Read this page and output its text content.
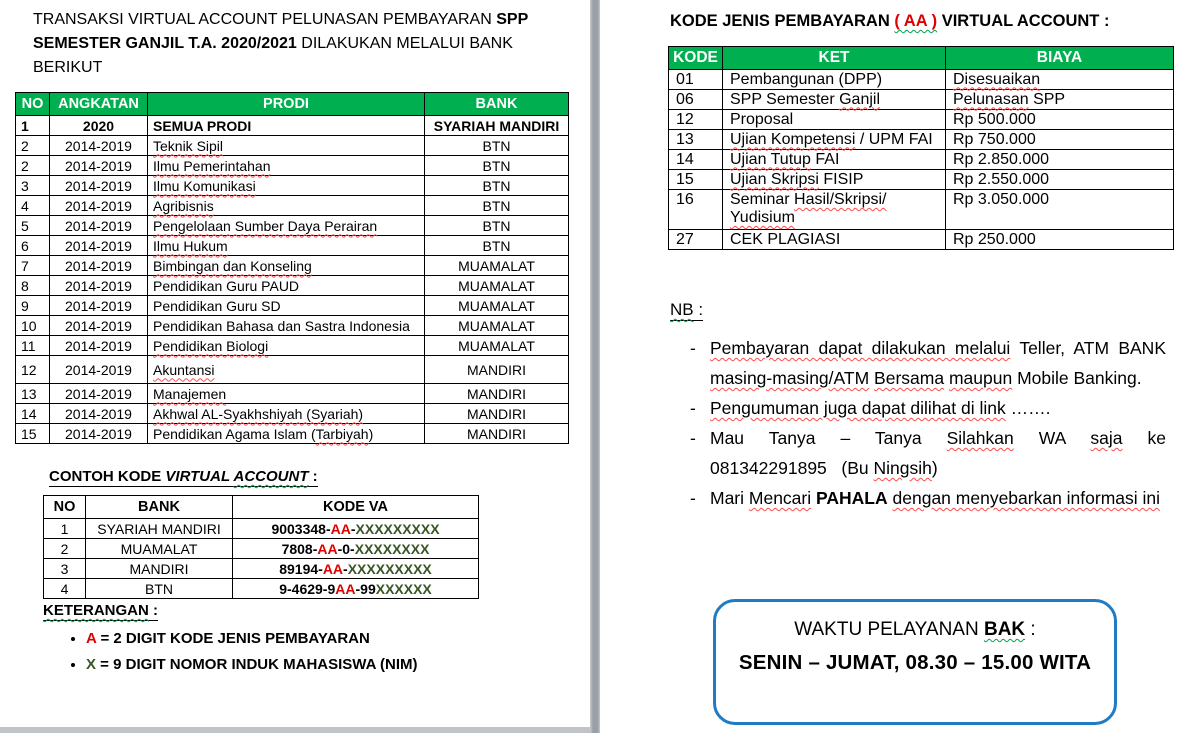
TRANSAKSI VIRTUAL ACCOUNT PELUNASAN PEMBAYARAN SPP SEMESTER GANJIL T.A. 2020/2021 DILAKUKAN MELALUI BANK BERIKUT
NO	ANGKATAN	PRODI	BANK
1	2020	SEMUA PRODI	SYARIAH MANDIRI
2	2014-2019	Teknik Sipil	BTN
2	2014-2019	Ilmu Pemerintahan	BTN
3	2014-2019	Ilmu Komunikasi	BTN
4	2014-2019	Agribisnis	BTN
5	2014-2019	Pengelolaan Sumber Daya Perairan	BTN
6	2014-2019	Ilmu Hukum	BTN
7	2014-2019	Bimbingan dan Konseling	MUAMALAT
8	2014-2019	Pendidikan Guru PAUD	MUAMALAT
9	2014-2019	Pendidikan Guru SD	MUAMALAT
10	2014-2019	Pendidikan Bahasa dan Sastra Indonesia	MUAMALAT
11	2014-2019	Pendidikan Biologi	MUAMALAT
12	2014-2019	Akuntansi	MANDIRI
13	2014-2019	Manajemen	MANDIRI
14	2014-2019	Akhwal AL-Syakhshiyah (Syariah)	MANDIRI
15	2014-2019	Pendidikan Agama Islam (Tarbiyah)	MANDIRI
CONTOH KODE VIRTUAL ACCOUNT :
NO	BANK	KODE VA
1	SYARIAH MANDIRI	9003348-AA-XXXXXXXXX
2	MUAMALAT	7808-AA-0-XXXXXXXX
3	MANDIRI	89194-AA-XXXXXXXXX
4	BTN	9-4629-9AA-99XXXXXX
KETERANGAN :
• A = 2 DIGIT KODE JENIS PEMBAYARAN
• X = 9 DIGIT NOMOR INDUK MAHASISWA (NIM)
KODE JENIS PEMBAYARAN ( AA ) VIRTUAL ACCOUNT :
KODE	KET	BIAYA
01	Pembangunan (DPP)	Disesuaikan
06	SPP Semester Ganjil	Pelunasan SPP
12	Proposal	Rp 500.000
13	Ujian Kompetensi / UPM FAI	Rp 750.000
14	Ujian Tutup FAI	Rp 2.850.000
15	Ujian Skripsi FISIP	Rp 2.550.000
16	Seminar Hasil/Skripsi/
Yudisium	Rp 3.050.000
27	CEK PLAGIASI	Rp 250.000
NB :
- Pembayaran dapat dilakukan melalui Teller, ATM BANK masing-masing/ATM Bersama maupun Mobile Banking.
- Pengumuman juga dapat dilihat di link …….
- Mau Tanya – Tanya Silahkan WA saja ke 081342291895   (Bu Ningsih)
- Mari Mencari PAHALA dengan menyebarkan informasi ini
WAKTU PELAYANAN BAK :
SENIN – JUMAT, 08.30 – 15.00 WITA
